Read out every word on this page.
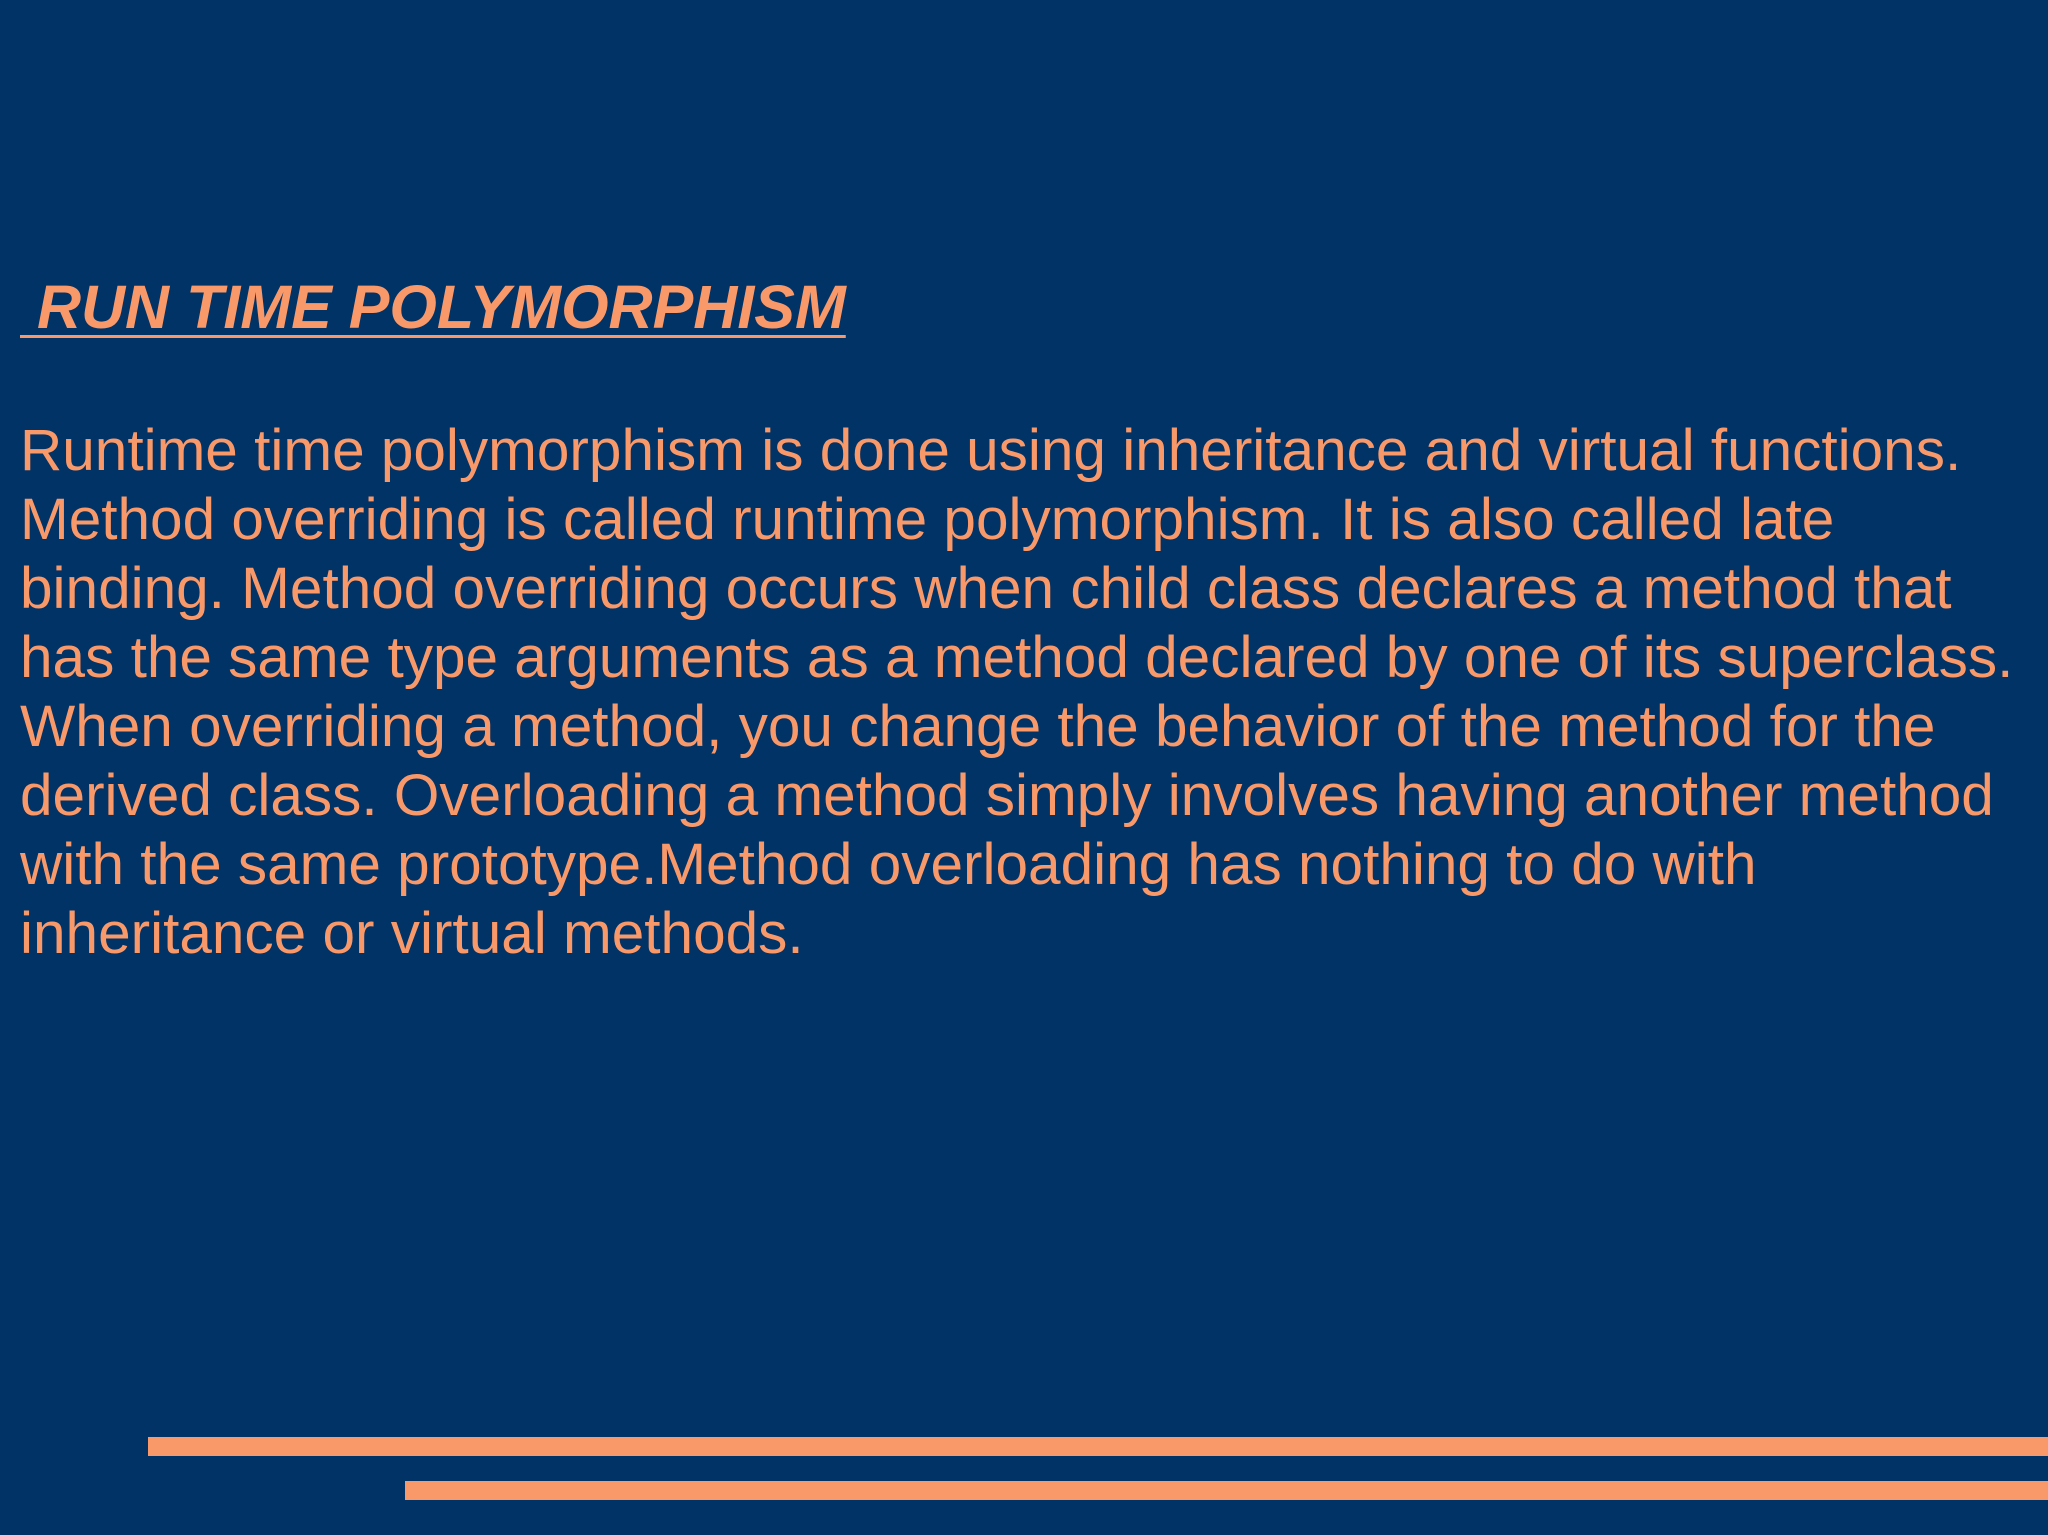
RUN TIME POLYMORPHISM

Runtime time polymorphism is done using inheritance and virtual functions. Method overriding is called runtime polymorphism. It is also called late binding. Method overriding occurs when child class declares a method that has the same type arguments as a method declared by one of its superclass. When overriding a method, you change the behavior of the method for the derived class. Overloading a method simply involves having another method with the same prototype.Method overloading has nothing to do with inheritance or virtual methods.
